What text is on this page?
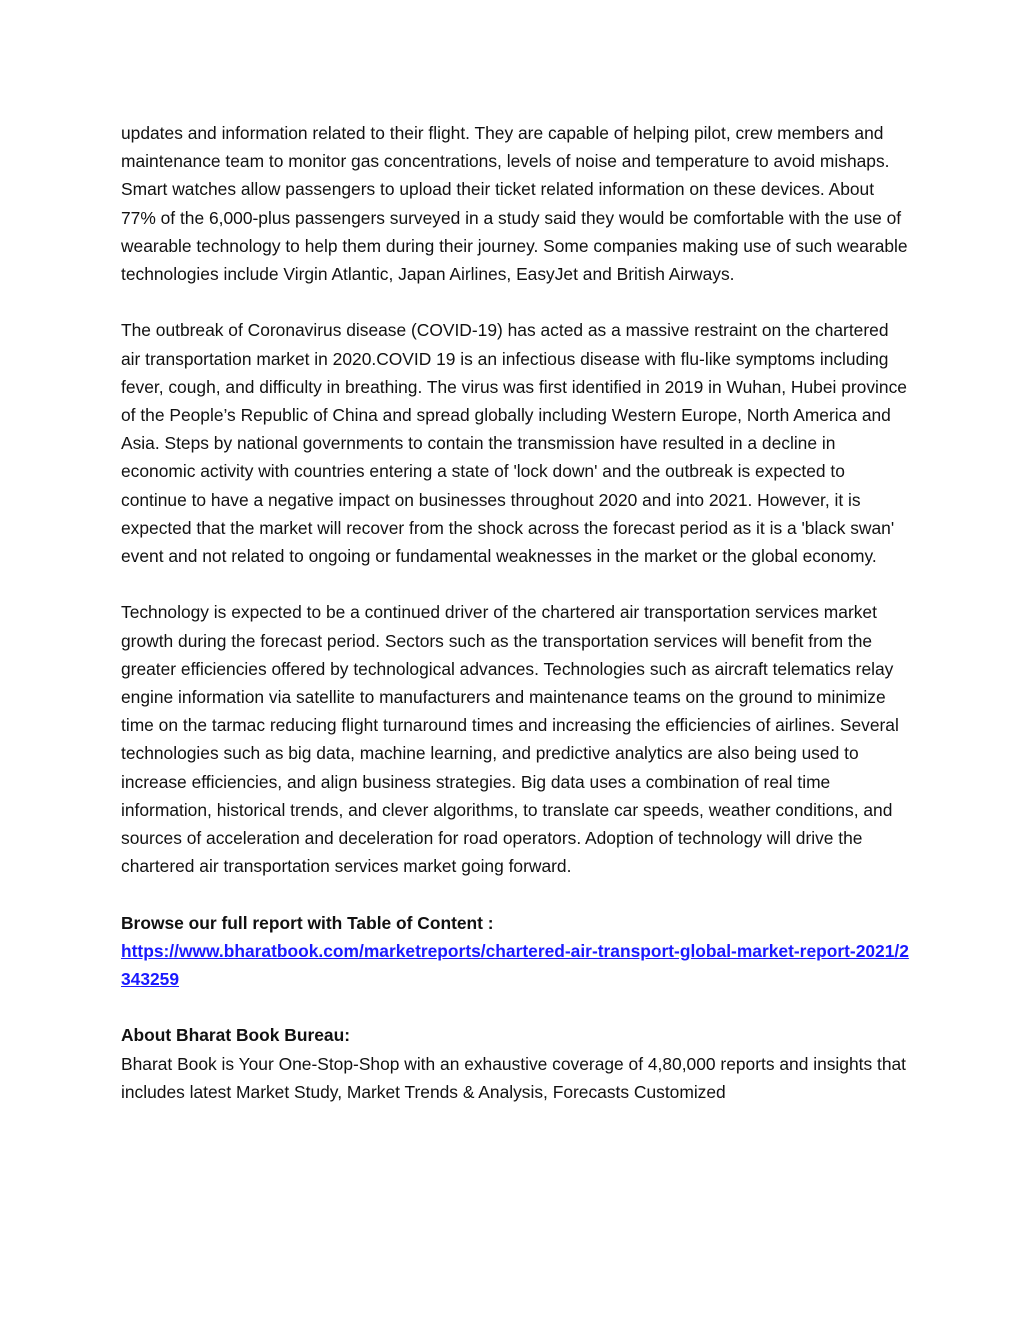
updates and information related to their flight. They are capable of helping pilot, crew members and maintenance team to monitor gas concentrations, levels of noise and temperature to avoid mishaps. Smart watches allow passengers to upload their ticket related information on these devices. About 77% of the 6,000-plus passengers surveyed in a study said they would be comfortable with the use of wearable technology to help them during their journey. Some companies making use of such wearable technologies include Virgin Atlantic, Japan Airlines, EasyJet and British Airways.

The outbreak of Coronavirus disease (COVID-19) has acted as a massive restraint on the chartered air transportation market in 2020.COVID 19 is an infectious disease with flu-like symptoms including fever, cough, and difficulty in breathing. The virus was first identified in 2019 in Wuhan, Hubei province of the People’s Republic of China and spread globally including Western Europe, North America and Asia. Steps by national governments to contain the transmission have resulted in a decline in economic activity with countries entering a state of 'lock down' and the outbreak is expected to continue to have a negative impact on businesses throughout 2020 and into 2021. However, it is expected that the market will recover from the shock across the forecast period as it is a 'black swan' event and not related to ongoing or fundamental weaknesses in the market or the global economy.

Technology is expected to be a continued driver of the chartered air transportation services market growth during the forecast period. Sectors such as the transportation services will benefit from the greater efficiencies offered by technological advances. Technologies such as aircraft telematics relay engine information via satellite to manufacturers and maintenance teams on the ground to minimize time on the tarmac reducing flight turnaround times and increasing the efficiencies of airlines. Several technologies such as big data, machine learning, and predictive analytics are also being used to increase efficiencies, and align business strategies. Big data uses a combination of real time information, historical trends, and clever algorithms, to translate car speeds, weather conditions, and sources of acceleration and deceleration for road operators. Adoption of technology will drive the chartered air transportation services market going forward.

Browse our full report with Table of Content :
https://www.bharatbook.com/marketreports/chartered-air-transport-global-market-report-2021/2343259

About Bharat Book Bureau:
Bharat Book is Your One-Stop-Shop with an exhaustive coverage of 4,80,000 reports and insights that includes latest Market Study, Market Trends & Analysis, Forecasts Customized
